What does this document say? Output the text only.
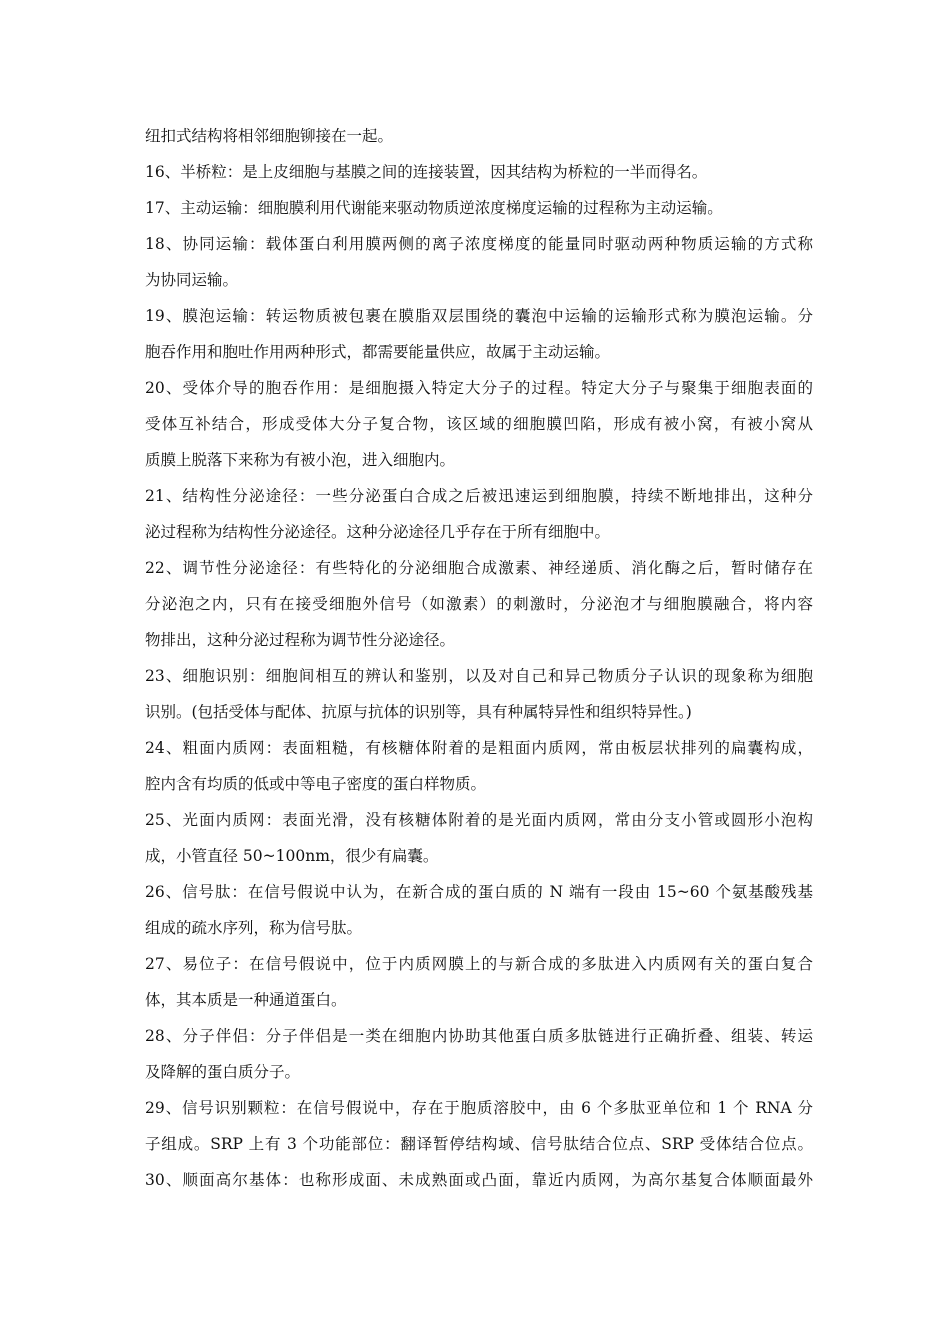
纽扣式结构将相邻细胞铆接在一起。
16、半桥粒：是上皮细胞与基膜之间的连接装置，因其结构为桥粒的一半而得名。
17、主动运输：细胞膜利用代谢能来驱动物质逆浓度梯度运输的过程称为主动运输。
18、协同运输：载体蛋白利用膜两侧的离子浓度梯度的能量同时驱动两种物质运输的方式称
为协同运输。
19、膜泡运输：转运物质被包裹在膜脂双层围绕的囊泡中运输的运输形式称为膜泡运输。分
胞吞作用和胞吐作用两种形式，都需要能量供应，故属于主动运输。
20、受体介导的胞吞作用：是细胞摄入特定大分子的过程。特定大分子与聚集于细胞表面的
受体互补结合，形成受体大分子复合物，该区域的细胞膜凹陷，形成有被小窝，有被小窝从
质膜上脱落下来称为有被小泡，进入细胞内。
21、结构性分泌途径：一些分泌蛋白合成之后被迅速运到细胞膜，持续不断地排出，这种分
泌过程称为结构性分泌途径。这种分泌途径几乎存在于所有细胞中。
22、调节性分泌途径：有些特化的分泌细胞合成激素、神经递质、消化酶之后，暂时储存在
分泌泡之内，只有在接受细胞外信号（如激素）的刺激时，分泌泡才与细胞膜融合，将内容
物排出，这种分泌过程称为调节性分泌途径。
23、细胞识别：细胞间相互的辨认和鉴别，以及对自己和异己物质分子认识的现象称为细胞
识别。(包括受体与配体、抗原与抗体的识别等，具有种属特异性和组织特异性。)
24、粗面内质网：表面粗糙，有核糖体附着的是粗面内质网，常由板层状排列的扁囊构成，
腔内含有均质的低或中等电子密度的蛋白样物质。
25、光面内质网：表面光滑，没有核糖体附着的是光面内质网，常由分支小管或圆形小泡构
成，小管直径 50~100nm，很少有扁囊。
26、信号肽：在信号假说中认为，在新合成的蛋白质的 N 端有一段由 15~60 个氨基酸残基
组成的疏水序列，称为信号肽。
27、易位子：在信号假说中，位于内质网膜上的与新合成的多肽进入内质网有关的蛋白复合
体，其本质是一种通道蛋白。
28、分子伴侣：分子伴侣是一类在细胞内协助其他蛋白质多肽链进行正确折叠、组装、转运
及降解的蛋白质分子。
29、信号识别颗粒：在信号假说中，存在于胞质溶胶中，由 6 个多肽亚单位和 1 个 RNA 分
子组成。SRP 上有 3 个功能部位：翻译暂停结构域、信号肽结合位点、SRP 受体结合位点。
30、顺面高尔基体：也称形成面、未成熟面或凸面，靠近内质网，为高尔基复合体顺面最外
